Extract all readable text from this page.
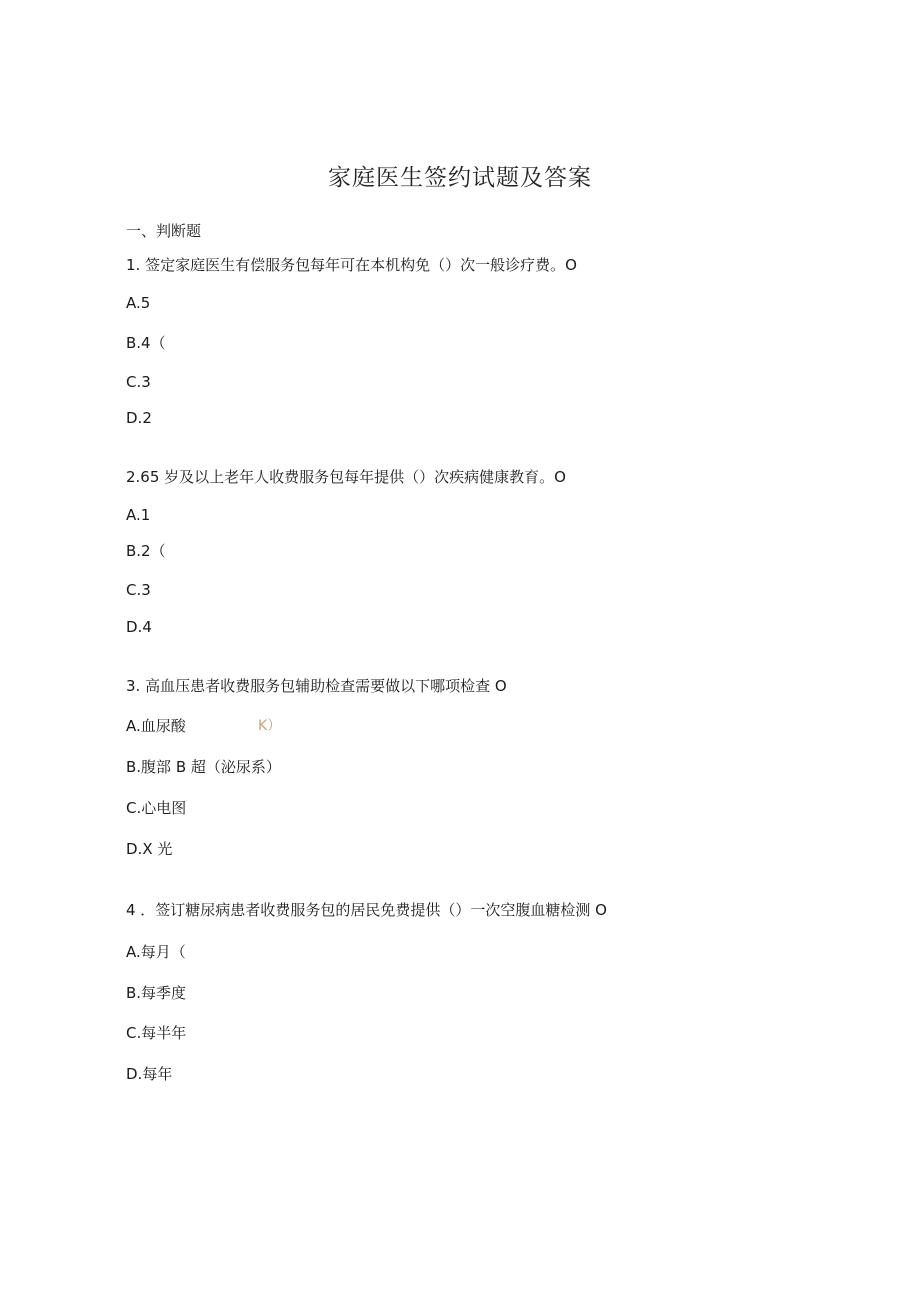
家庭医生签约试题及答案
一、判断题
1. 签定家庭医生有偿服务包每年可在本机构免（）次一般诊疗费。O
A.5
B.4（
C.3
D.2
2.65 岁及以上老年人收费服务包每年提供（）次疾病健康教育。O
A.1
B.2（
C.3
D.4
3. 高血压患者收费服务包辅助检查需要做以下哪项检查 O
A.血尿酸	K）
B.腹部 B 超（泌尿系）
C.心电图
D.X 光
4 ．签订糖尿病患者收费服务包的居民免费提供（）一次空腹血糖检测 O
A.每月（
B.每季度
C.每半年
D.每年
